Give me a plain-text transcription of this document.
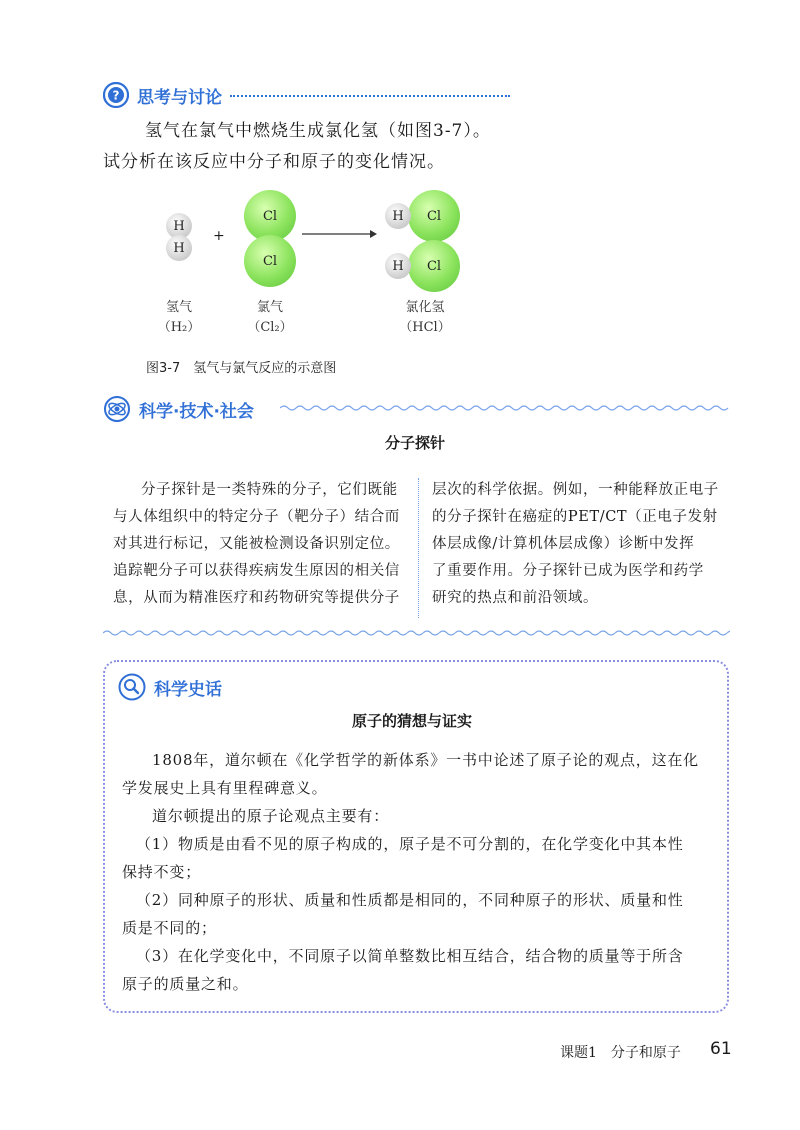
? 思考与讨论
氢气在氯气中燃烧生成氯化氢（如图3-7）。
试分析在该反应中分子和原子的变化情况。
H
H
+
Cl
Cl
Cl
H
Cl
H
氢气
（H₂）
氯气
（Cl₂）
氯化氢
（HCl）
图3-7　氢气与氯气反应的示意图
科学·技术·社会
分子探针
分子探针是一类特殊的分子，它们既能
与人体组织中的特定分子（靶分子）结合而
对其进行标记，又能被检测设备识别定位。
追踪靶分子可以获得疾病发生原因的相关信
息，从而为精准医疗和药物研究等提供分子
层次的科学依据。例如，一种能释放正电子
的分子探针在癌症的PET/CT（正电子发射
体层成像/计算机体层成像）诊断中发挥
了重要作用。分子探针已成为医学和药学
研究的热点和前沿领域。
科学史话
原子的猜想与证实
1808年，道尔顿在《化学哲学的新体系》一书中论述了原子论的观点，这在化
学发展史上具有里程碑意义。
道尔顿提出的原子论观点主要有：
（1）物质是由看不见的原子构成的，原子是不可分割的，在化学变化中其本性
保持不变；
（2）同种原子的形状、质量和性质都是相同的，不同种原子的形状、质量和性
质是不同的；
（3）在化学变化中，不同原子以简单整数比相互结合，结合物的质量等于所含
原子的质量之和。
课题1　分子和原子 61
